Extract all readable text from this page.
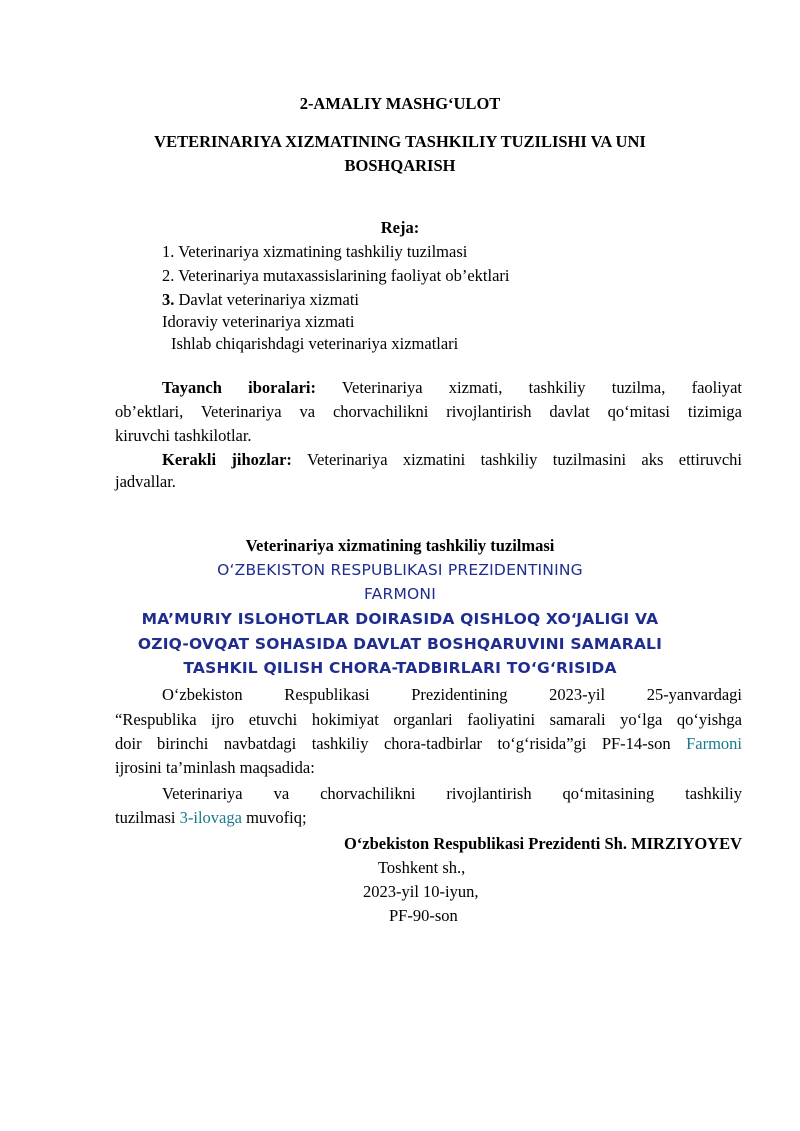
2-AMALIY MASHG‘ULOT
VETERINARIYA XIZMATINING TASHKILIY TUZILISHI VA UNI
BOSHQARISH
Reja:
1. Veterinariya xizmatining tashkiliy tuzilmasi
2. Veterinariya mutaxassislarining faoliyat ob’ektlari
3. Davlat veterinariya xizmati
Idoraviy veterinariya xizmati
Ishlab chiqarishdagi veterinariya xizmatlari
Tayanch iboralari: Veterinariya xizmati, tashkiliy tuzilma, faoliyat
ob’ektlari, Veterinariya va chorvachilikni rivojlantirish davlat qo‘mitasi tizimiga
kiruvchi tashkilotlar.
Kerakli jihozlar: Veterinariya xizmatini tashkiliy tuzilmasini aks ettiruvchi
jadvallar.
Veterinariya xizmatining tashkiliy tuzilmasi
O‘ZBEKISTON RESPUBLIKASI PREZIDENTINING
FARMONI
MA’MURIY ISLOHOTLAR DOIRASIDA QISHLOQ XO‘JALIGI VA
OZIQ-OVQAT SOHASIDA DAVLAT BOSHQARUVINI SAMARALI
TASHKIL QILISH CHORA-TADBIRLARI TO‘G‘RISIDA
O‘zbekiston Respublikasi Prezidentining 2023-yil 25-yanvardagi
“Respublika ijro etuvchi hokimiyat organlari faoliyatini samarali yo‘lga qo‘yishga
doir birinchi navbatdagi tashkiliy chora-tadbirlar to‘g‘risida”gi PF-14-son Farmoni
ijrosini ta’minlash maqsadida:
Veterinariya va chorvachilikni rivojlantirish qo‘mitasining tashkiliy
tuzilmasi 3-ilovaga muvofiq;
O‘zbekiston Respublikasi Prezidenti Sh. MIRZIYOYEV
Toshkent sh.,
2023-yil 10-iyun,
PF-90-son
